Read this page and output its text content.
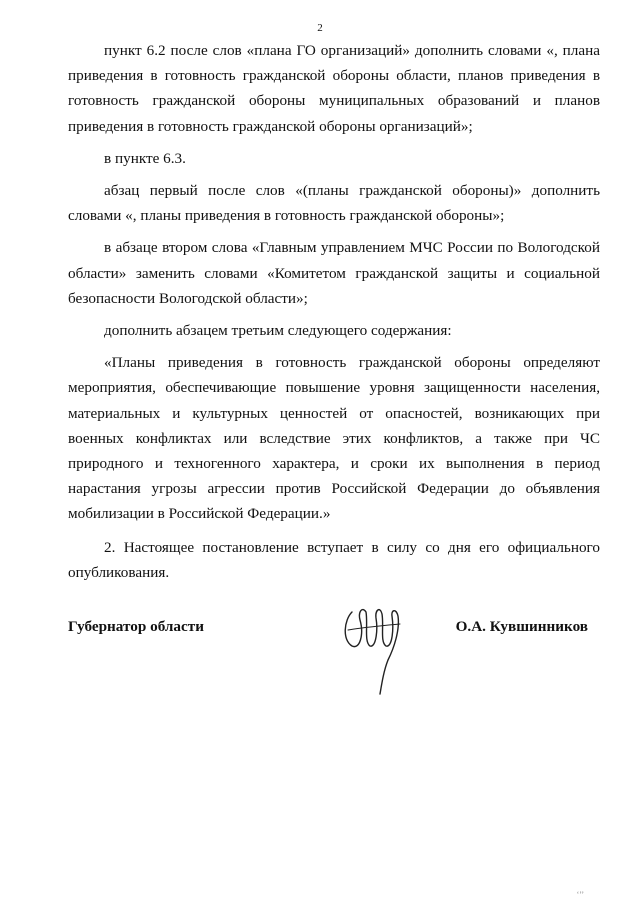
2

пункт 6.2 после слов «плана ГО организаций» дополнить словами «, плана приведения в готовность гражданской обороны области, планов приведения в готовность гражданской обороны муниципальных образований и планов приведения в готовность гражданской обороны организаций»;

в пункте 6.3.

абзац первый после слов «(планы гражданской обороны)» дополнить словами «, планы приведения в готовность гражданской обороны»;

в абзаце втором слова «Главным управлением МЧС России по Вологодской области» заменить словами «Комитетом гражданской защиты и социальной безопасности Вологодской области»;

дополнить абзацем третьим следующего содержания:

«Планы приведения в готовность гражданской обороны определяют мероприятия, обеспечивающие повышение уровня защищенности населения, материальных и культурных ценностей от опасностей, возникающих при военных конфликтах или вследствие этих конфликтов, а также при ЧС природного и техногенного характера, и сроки их выполнения в период нарастания угрозы агрессии против Российской Федерации до объявления мобилизации в Российской Федерации.»

2. Настоящее постановление вступает в силу со дня его официального опубликования.

Губернатор области	О.А. Кувшинников
‘’’
